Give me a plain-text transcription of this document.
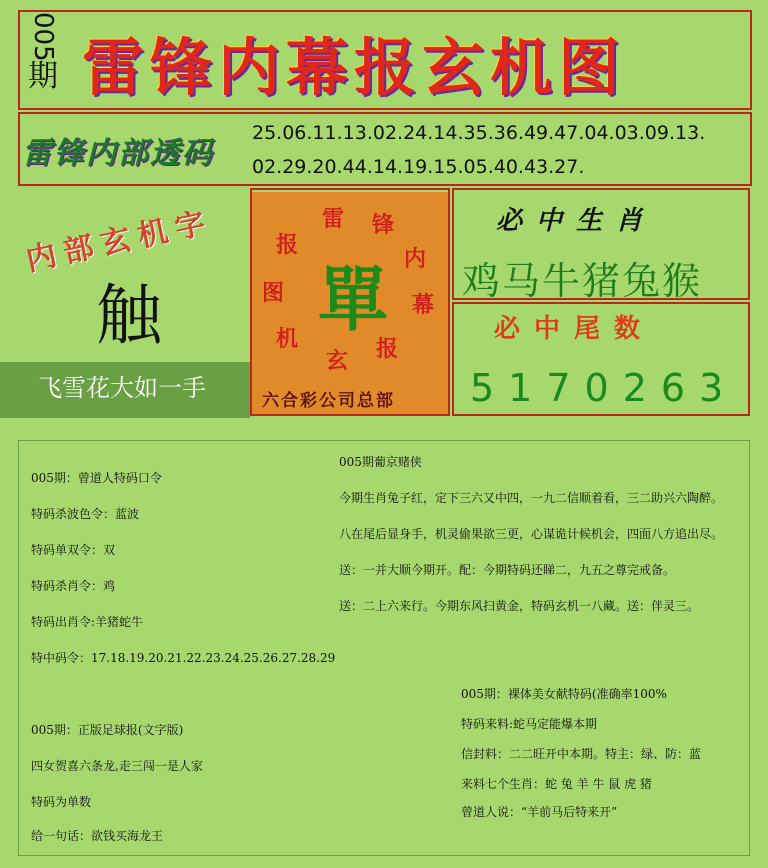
005
期 雷锋内幕报玄机图
雷锋内部透码
25.06.11.13.02.24.14.35.36.49.47.04.03.09.13.
02.29.20.44.14.19.15.05.40.43.27.
内部玄机字
触
飞雪花大如一手
雷 锋
内
幕
报
玄
机
图
报
單
六合彩公司总部
必中生肖
鸡马牛猪兔猴
必中尾数
5170263
005期：曾道人特码口令
特码杀波色令：蓝波
特码单双令：双
特码杀肖令：鸡
特码出肖令:羊猪蛇牛
特中码令：17.18.19.20.21.22.23.24.25.26.27.28.29
005期：正版足球报(文字版)
四女贺喜六条龙,走三闯一是人家
特码为单数
给一句话：欲钱买海龙王
005期葡京赌侠
今期生肖兔子红，定下三六又中四，一九二信顺着看，三二助兴六陶醉。
八在尾后显身手，机灵偷果欲三更，心谋诡计候机会，四面八方追出尽。
送：一并大顺今期开。配：今期特码还睇二，九五之尊完戒备。
送：二上六来行。今期东风扫黄金，特码玄机一八藏。送：伴灵三。
005期：裸体美女献特码(准确率100%
特码来料:蛇马定能爆本期
信封料：二二旺开中本期。特主：绿、防：蓝
来料七个生肖：蛇 兔 羊 牛 鼠 虎 猪
曾道人说：“羊前马后特来开”
